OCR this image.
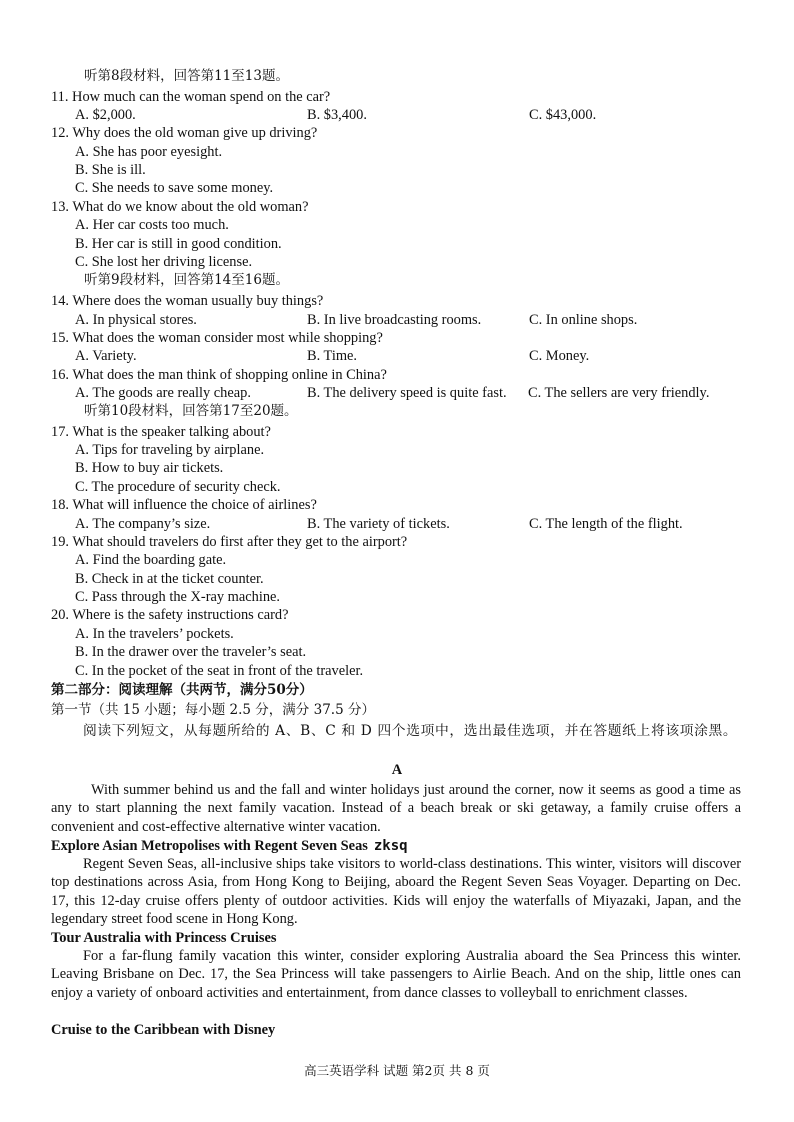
听第8段材料，回答第11至13题。
11. How much can the woman spend on the car?
A. $2,000.	B. $3,400.	C. $43,000.
12. Why does the old woman give up driving?
A. She has poor eyesight.
B. She is ill.
C. She needs to save some money.
13. What do we know about the old woman?
A. Her car costs too much.
B. Her car is still in good condition.
C. She lost her driving license.
听第9段材料，回答第14至16题。
14. Where does the woman usually buy things?
A. In physical stores.	B. In live broadcasting rooms.	C. In online shops.
15. What does the woman consider most while shopping?
A. Variety.	B. Time.	C. Money.
16. What does the man think of shopping online in China?
A. The goods are really cheap.	B. The delivery speed is quite fast. C. The sellers are very friendly.
听第10段材料，回答第17至20题。
17. What is the speaker talking about?
A. Tips for traveling by airplane.
B. How to buy air tickets.
C. The procedure of security check.
18. What will influence the choice of airlines?
A. The company’s size.	B. The variety of tickets.	C. The length of the flight.
19. What should travelers do first after they get to the airport?
A. Find the boarding gate.
B. Check in at the ticket counter.
C. Pass through the X-ray machine.
20. Where is the safety instructions card?
A. In the travelers’ pockets.
B. In the drawer over the traveler’s seat.
C. In the pocket of the seat in front of the traveler.
第二部分：阅读理解（共两节，满分50分）
第一节（共 15 小题；每小题 2.5 分，满分 37.5 分）
阅读下列短文，从每题所给的 A、B、C 和 D 四个选项中，选出最佳选项，并在答题纸上将该项涂黑。
A
With summer behind us and the fall and winter holidays just around the corner, now it seems as good a time as any to start planning the next family vacation. Instead of a beach break or ski getaway, a family cruise offers a convenient and cost-effective alternative winter vacation.
Explore Asian Metropolises with Regent Seven Seas zksq
Regent Seven Seas, all-inclusive ships take visitors to world-class destinations. This winter, visitors will discover top destinations across Asia, from Hong Kong to Beijing, aboard the Regent Seven Seas Voyager. Departing on Dec. 17, this 12-day cruise offers plenty of outdoor activities. Kids will enjoy the waterfalls of Miyazaki, Japan, and the legendary street food scene in Hong Kong.
Tour Australia with Princess Cruises
For a far-flung family vacation this winter, consider exploring Australia aboard the Sea Princess this winter. Leaving Brisbane on Dec. 17, the Sea Princess will take passengers to Airlie Beach. And on the ship, little ones can enjoy a variety of onboard activities and entertainment, from dance classes to volleyball to enrichment classes.
Cruise to the Caribbean with Disney
高三英语学科 试题 第2页 共 8 页
